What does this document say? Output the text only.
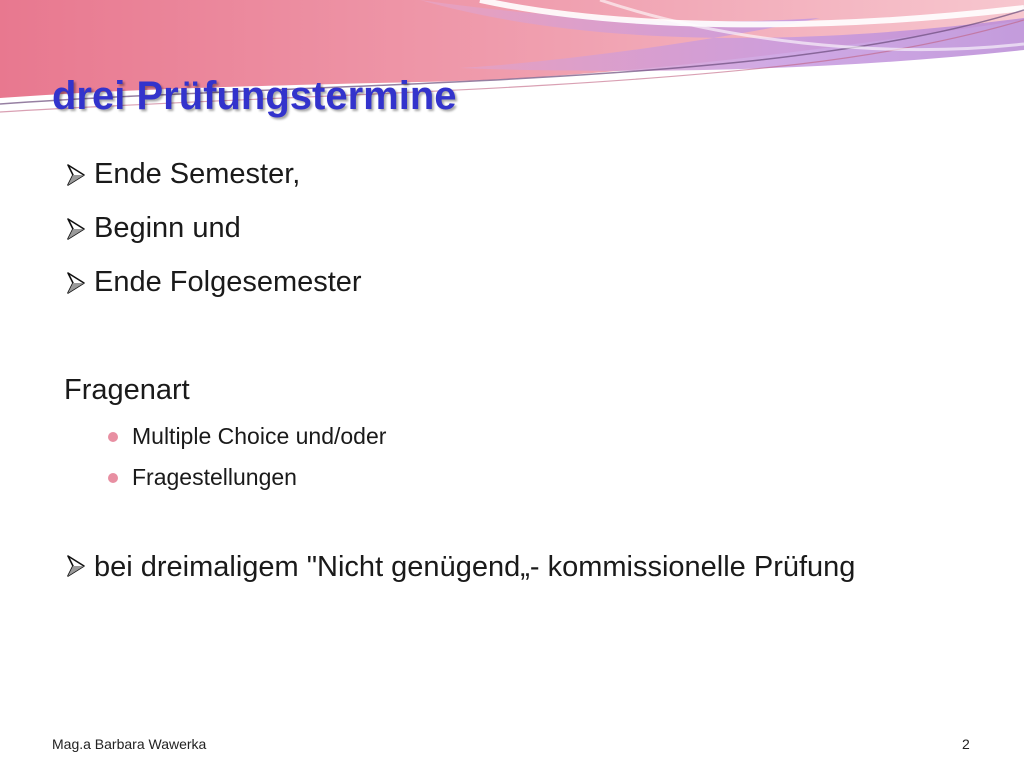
drei Prüfungstermine
Ende Semester,
Beginn und
Ende Folgesemester
Fragenart
Multiple Choice und/oder
Fragestellungen
bei dreimaligem "Nicht genügend„- kommissionelle Prüfung
Mag.a Barbara Wawerka	2
